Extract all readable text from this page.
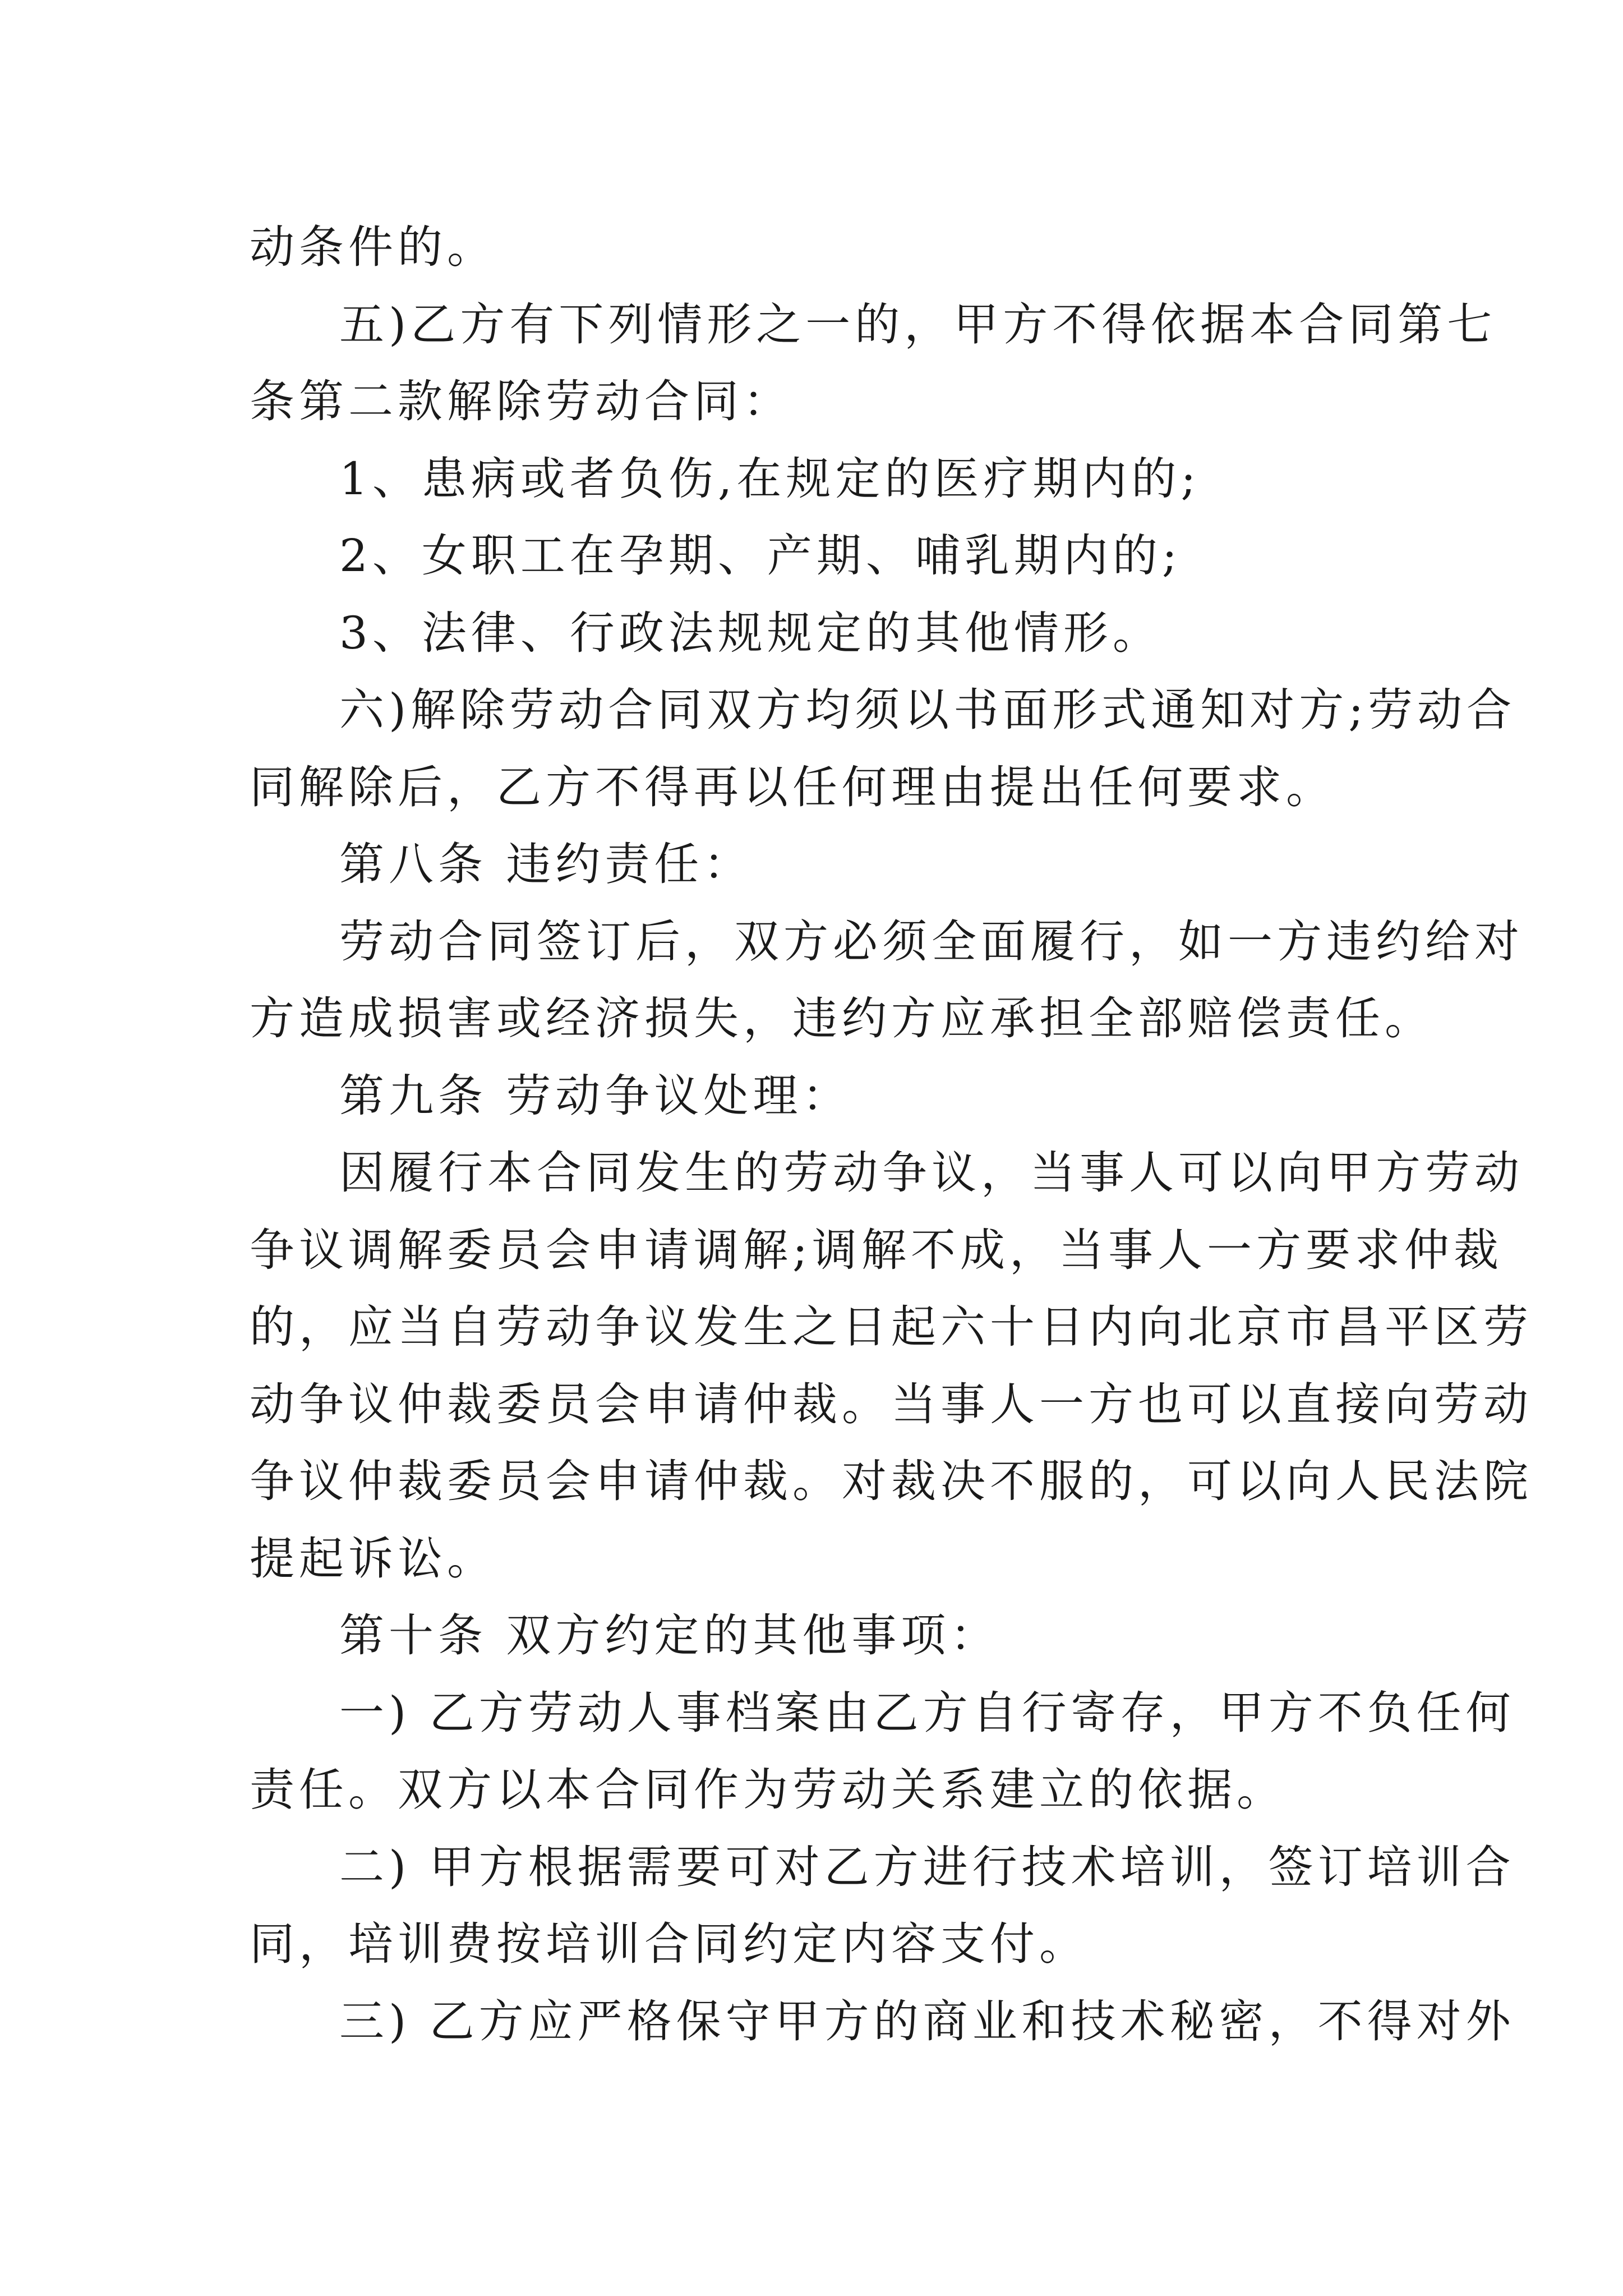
动条件的。
五)乙方有下列情形之一的，甲方不得依据本合同第七
条第二款解除劳动合同：
1、患病或者负伤,在规定的医疗期内的;
2、女职工在孕期、产期、哺乳期内的;
3、法律、行政法规规定的其他情形。
六)解除劳动合同双方均须以书面形式通知对方;劳动合
同解除后，乙方不得再以任何理由提出任何要求。
第八条 违约责任：
劳动合同签订后，双方必须全面履行，如一方违约给对
方造成损害或经济损失，违约方应承担全部赔偿责任。
第九条 劳动争议处理：
因履行本合同发生的劳动争议，当事人可以向甲方劳动
争议调解委员会申请调解;调解不成，当事人一方要求仲裁
的，应当自劳动争议发生之日起六十日内向北京市昌平区劳
动争议仲裁委员会申请仲裁。当事人一方也可以直接向劳动
争议仲裁委员会申请仲裁。对裁决不服的，可以向人民法院
提起诉讼。
第十条 双方约定的其他事项：
一) 乙方劳动人事档案由乙方自行寄存，甲方不负任何
责任。双方以本合同作为劳动关系建立的依据。
二) 甲方根据需要可对乙方进行技术培训，签订培训合
同，培训费按培训合同约定内容支付。
三) 乙方应严格保守甲方的商业和技术秘密，不得对外
